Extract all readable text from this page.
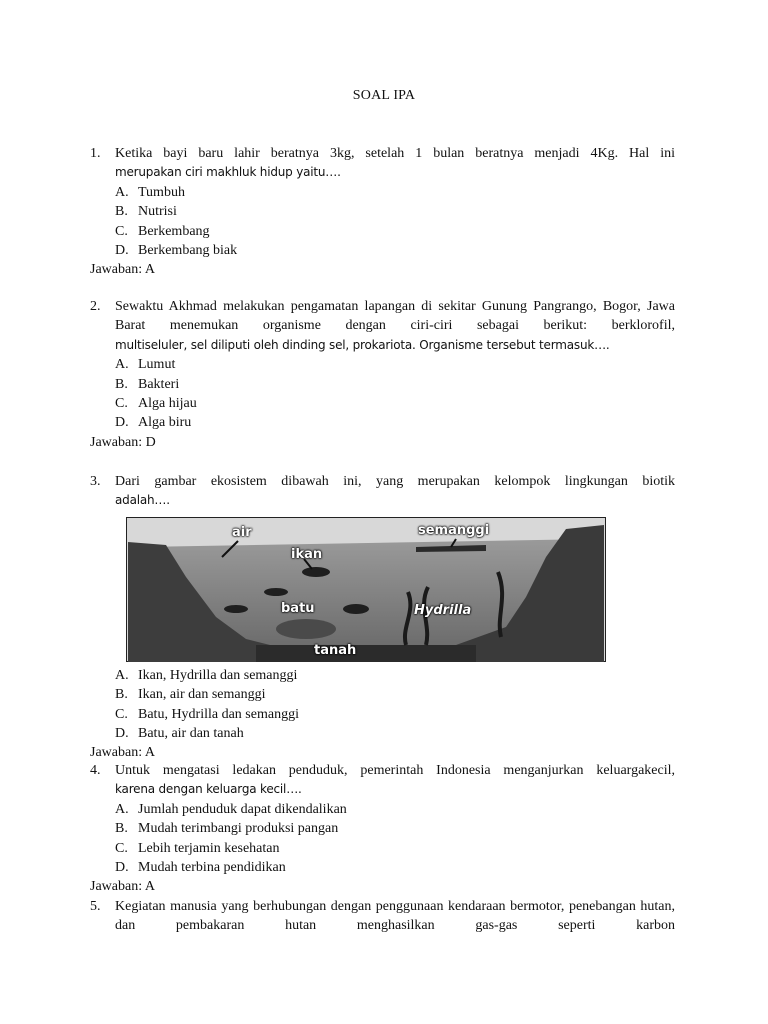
SOAL IPA
1.	Ketika bayi baru lahir beratnya 3kg, setelah 1 bulan beratnya menjadi 4Kg. Hal ini
merupakan ciri makhluk hidup yaitu….
A. Tumbuh
B. Nutrisi
C. Berkembang
D. Berkembang biak
Jawaban: A
2.	Sewaktu Akhmad melakukan pengamatan lapangan di sekitar Gunung Pangrango, Bogor, Jawa Barat menemukan organisme dengan ciri-ciri sebagai berikut: berklorofil,
multiseluler, sel diliputi oleh dinding sel, prokariota. Organisme tersebut termasuk….
A. Lumut
B. Bakteri
C. Alga hijau
D. Alga biru
Jawaban: D
3.	Dari gambar ekosistem dibawah ini, yang merupakan kelompok lingkungan biotik
adalah….
air
ikan
semanggi
batu	Hydrilla
tanah
A. Ikan, Hydrilla dan semanggi
B. Ikan, air dan semanggi
C. Batu, Hydrilla dan semanggi
D. Batu, air dan tanah
Jawaban: A
4.	Untuk mengatasi ledakan penduduk, pemerintah Indonesia menganjurkan keluargakecil,
karena dengan keluarga kecil….
A. Jumlah penduduk dapat dikendalikan
B. Mudah terimbangi produksi pangan
C. Lebih terjamin kesehatan
D. Mudah terbina pendidikan
Jawaban: A
5.	Kegiatan manusia yang berhubungan dengan penggunaan kendaraan bermotor, penebangan hutan, dan pembakaran hutan menghasilkan gas-gas seperti karbon
